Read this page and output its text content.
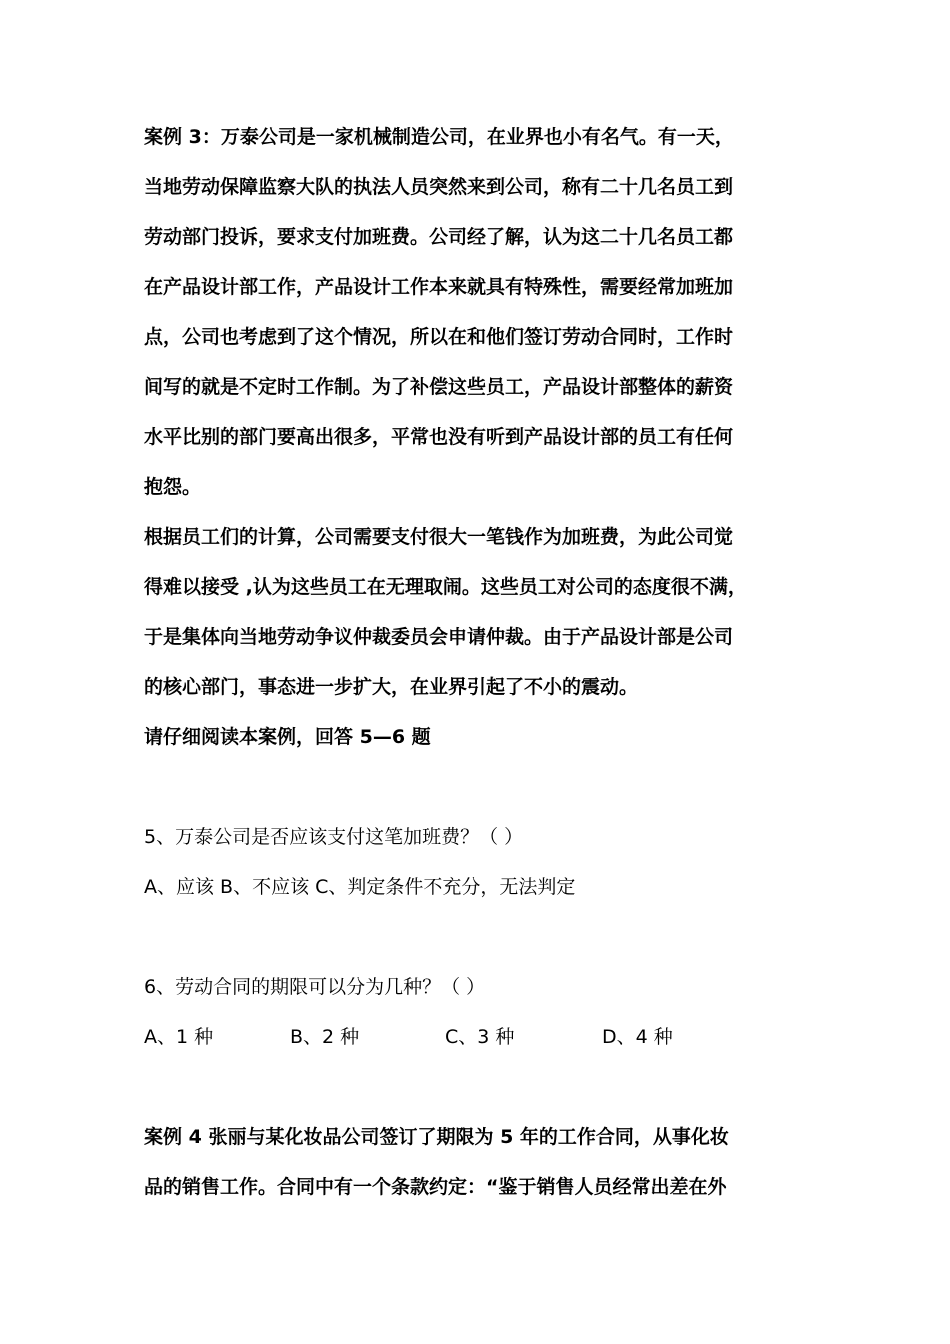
案例 3：万泰公司是一家机械制造公司，在业界也小有名气。有一天，
当地劳动保障监察大队的执法人员突然来到公司，称有二十几名员工到
劳动部门投诉，要求支付加班费。公司经了解，认为这二十几名员工都
在产品设计部工作，产品设计工作本来就具有特殊性，需要经常加班加
点，公司也考虑到了这个情况，所以在和他们签订劳动合同时，工作时
间写的就是不定时工作制。为了补偿这些员工，产品设计部整体的薪资
水平比别的部门要高出很多，平常也没有听到产品设计部的员工有任何
抱怨。
根据员工们的计算，公司需要支付很大一笔钱作为加班费，为此公司觉
得难以接受 ,认为这些员工在无理取闹。这些员工对公司的态度很不满，
于是集体向当地劳动争议仲裁委员会申请仲裁。由于产品设计部是公司
的核心部门，事态进一步扩大，在业界引起了不小的震动。
请仔细阅读本案例，回答 5—6 题
5、万泰公司是否应该支付这笔加班费？（ ）
A、应该 B、不应该 C、判定条件不充分，无法判定
6、劳动合同的期限可以分为几种？（ ）
A、1 种	B、2 种	C、3 种	D、4 种
案例 4 张丽与某化妆品公司签订了期限为 5 年的工作合同，从事化妆
品的销售工作。合同中有一个条款约定：“鉴于销售人员经常出差在外
